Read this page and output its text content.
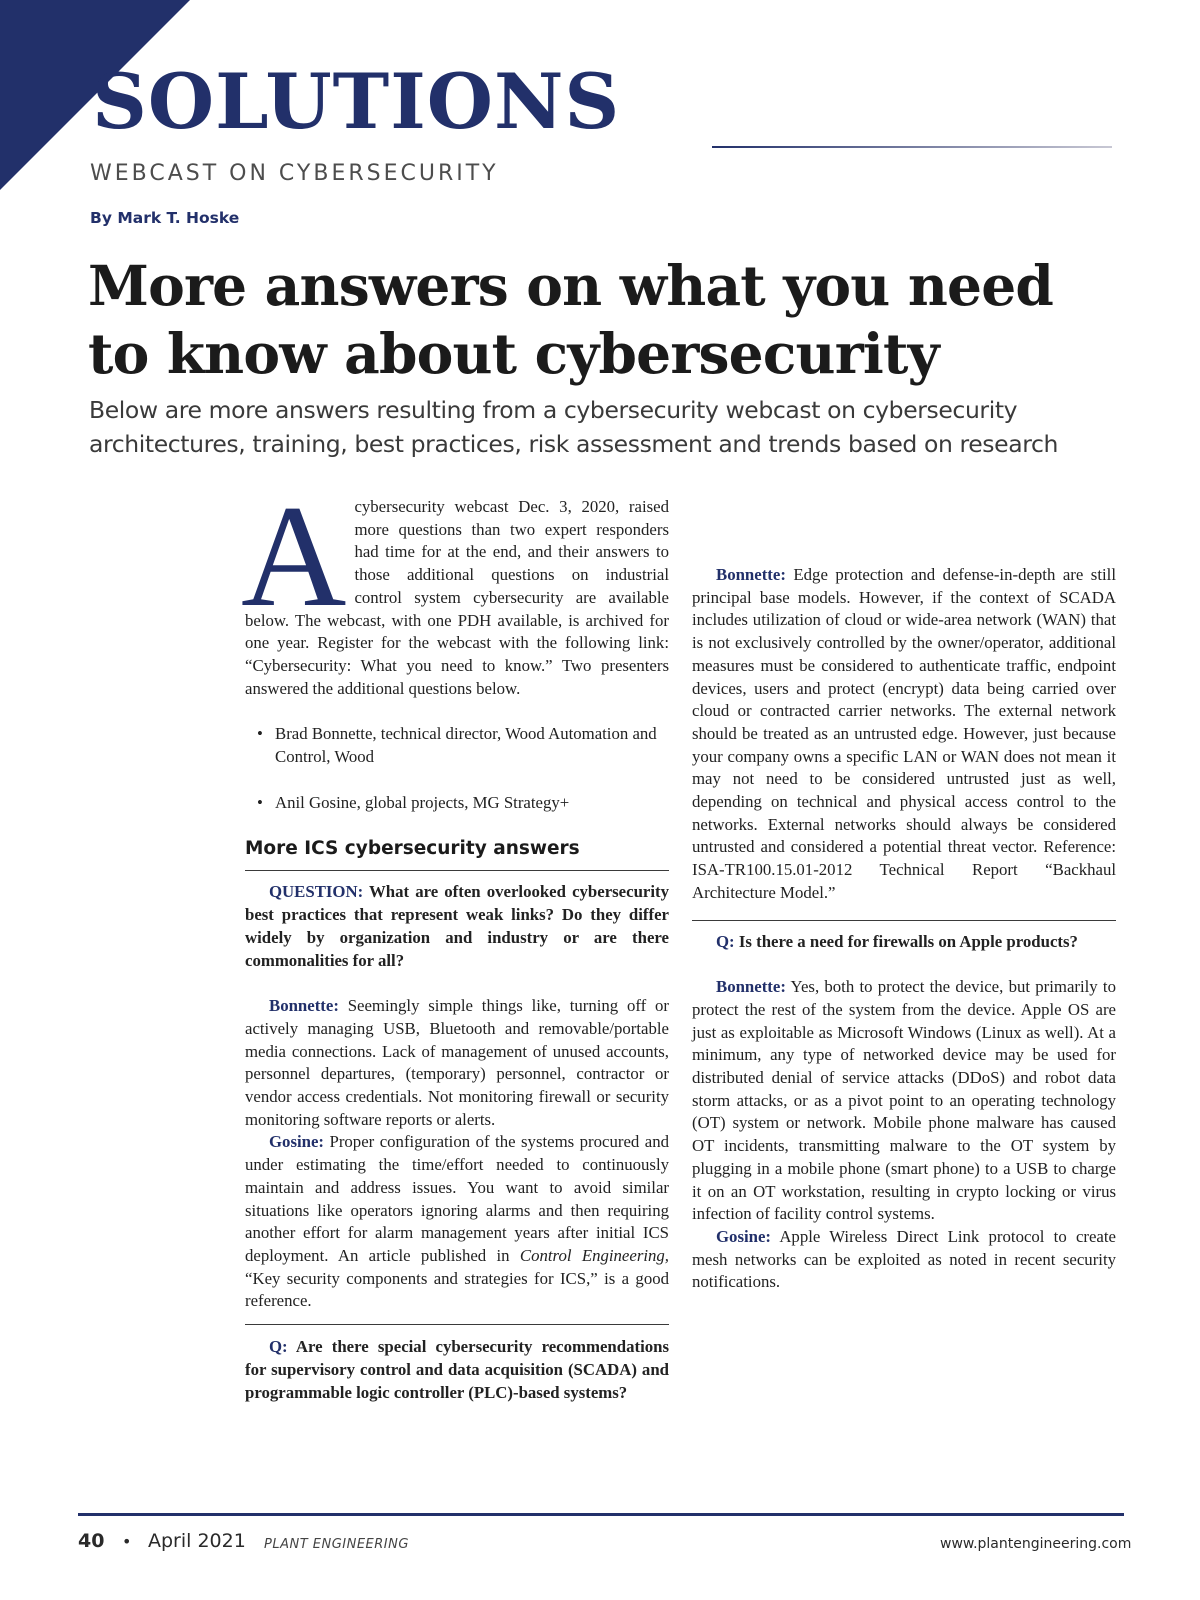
SOLUTIONS
WEBCAST ON CYBERSECURITY
By Mark T. Hoske
More answers on what you need
to know about cybersecurity

Below are more answers resulting from a cybersecurity webcast on cybersecurity
architectures, training, best practices, risk assessment and trends based on research

Acybersecurity webcast Dec. 3, 2020, raised more questions than two expert responders had time for at the end, and their answers to those additional questions on industrial control system cybersecurity are available below. The webcast, with one PDH available, is archived for one year. Register for the webcast with the following link: “Cybersecurity: What you need to know.” Two presenters answered the additional questions below.

• Brad Bonnette, technical director, Wood Automation and Control, Wood
• Anil Gosine, global projects, MG Strategy+
More ICS cybersecurity answers

QUESTION: What are often overlooked cybersecurity best practices that represent weak links? Do they differ widely by organization and industry or are there commonalities for all?

Bonnette: Seemingly simple things like, turning off or actively managing USB, Bluetooth and removable/portable media connections. Lack of management of unused accounts, personnel departures, (temporary) personnel, contractor or vendor access credentials. Not monitoring firewall or security monitoring software reports or alerts.

Gosine: Proper configuration of the systems procured and under estimating the time/effort needed to continuously maintain and address issues. You want to avoid similar situations like operators ignoring alarms and then requiring another effort for alarm management years after initial ICS deployment. An article published in Control Engineering, “Key security components and strategies for ICS,” is a good reference.

Q: Are there special cybersecurity recommendations for supervisory control and data acquisition (SCADA) and programmable logic controller (PLC)-based systems?

Bonnette: Edge protection and defense-in-depth are still principal base models. However, if the context of SCADA includes utilization of cloud or wide-area network (WAN) that is not exclusively controlled by the owner/operator, additional measures must be considered to authenticate traffic, endpoint devices, users and protect (encrypt) data being carried over cloud or contracted carrier networks. The external network should be treated as an untrusted edge. However, just because your company owns a specific LAN or WAN does not mean it may not need to be considered untrusted just as well, depending on technical and physical access control to the networks. External networks should always be considered untrusted and considered a potential threat vector. Reference: ISA-TR100.15.01-2012 Technical Report “Backhaul Architecture Model.”

Q: Is there a need for firewalls on Apple products?

Bonnette: Yes, both to protect the device, but primarily to protect the rest of the system from the device. Apple OS are just as exploitable as Microsoft Windows (Linux as well). At a minimum, any type of networked device may be used for distributed denial of service attacks (DDoS) and robot data storm attacks, or as a pivot point to an operating technology (OT) system or network. Mobile phone malware has caused OT incidents, transmitting malware to the OT system by plugging in a mobile phone (smart phone) to a USB to charge it on an OT workstation, resulting in crypto locking or virus infection of facility control systems.

Gosine: Apple Wireless Direct Link protocol to create mesh networks can be exploited as noted in recent security notifications.

40 • April 2021 PLANT ENGINEERING	www.plantengineering.com
